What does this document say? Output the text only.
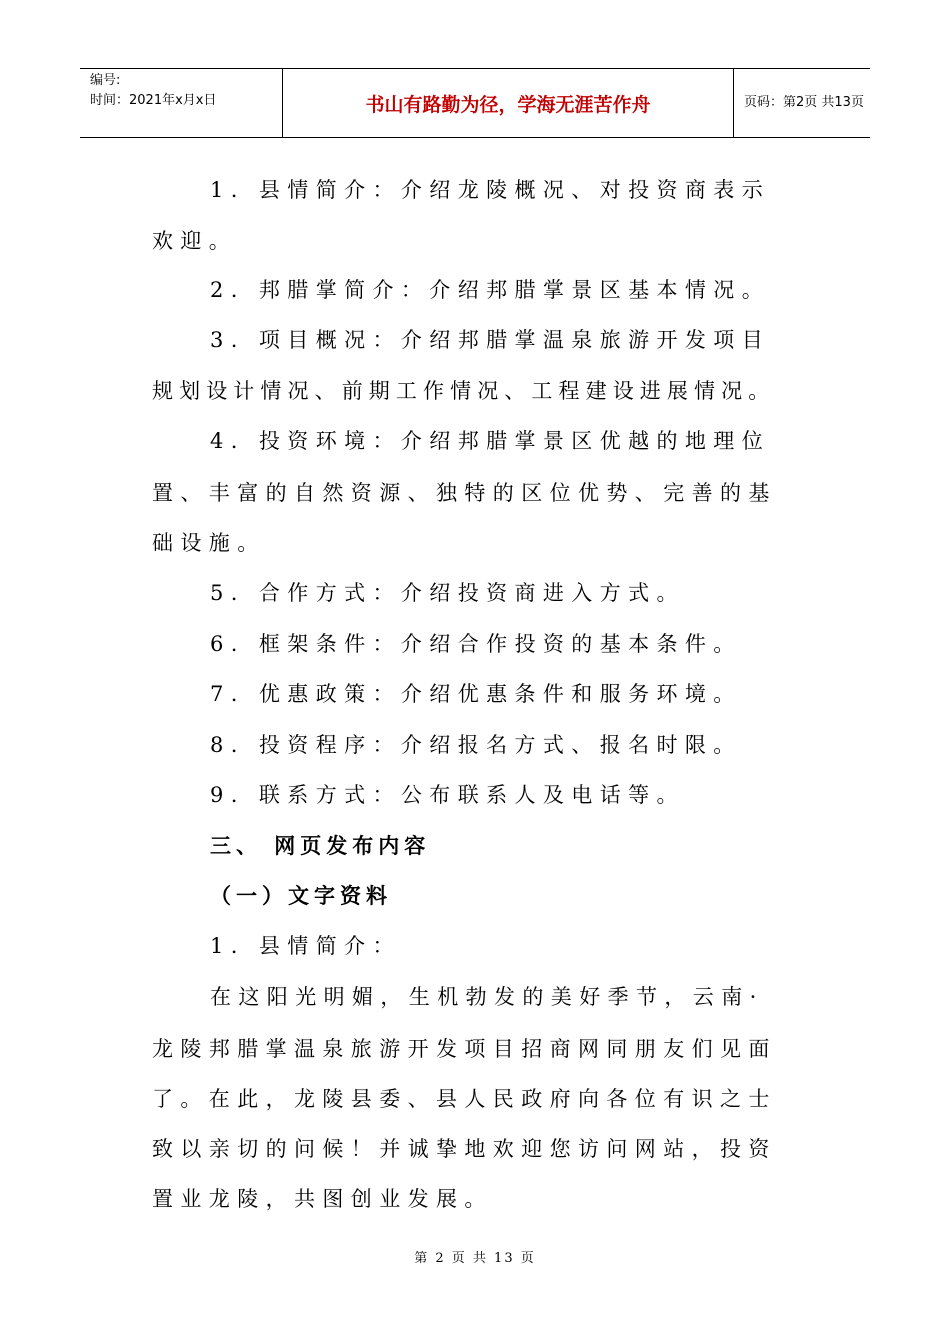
编号:
时间：2021年x月x日	书山有路勤为径，学海无涯苦作舟	页码：第2页 共13页
1. 县情简介：介绍龙陵概况、对投资商表示
欢迎。
2. 邦腊掌简介：介绍邦腊掌景区基本情况。
3. 项目概况：介绍邦腊掌温泉旅游开发项目
规划设计情况、前期工作情况、工程建设进展情况。
4. 投资环境：介绍邦腊掌景区优越的地理位
置、丰富的自然资源、独特的区位优势、完善的基
础设施。
5. 合作方式：介绍投资商进入方式。
6. 框架条件：介绍合作投资的基本条件。
7. 优惠政策：介绍优惠条件和服务环境。
8. 投资程序：介绍报名方式、报名时限。
9. 联系方式：公布联系人及电话等。
三、 网页发布内容
（一）文字资料
1. 县情简介：
在这阳光明媚，生机勃发的美好季节，云南·
龙陵邦腊掌温泉旅游开发项目招商网同朋友们见面
了。在此，龙陵县委、县人民政府向各位有识之士
致以亲切的问候！并诚挚地欢迎您访问网站，投资
置业龙陵，共图创业发展。
第 2 页 共 13 页
